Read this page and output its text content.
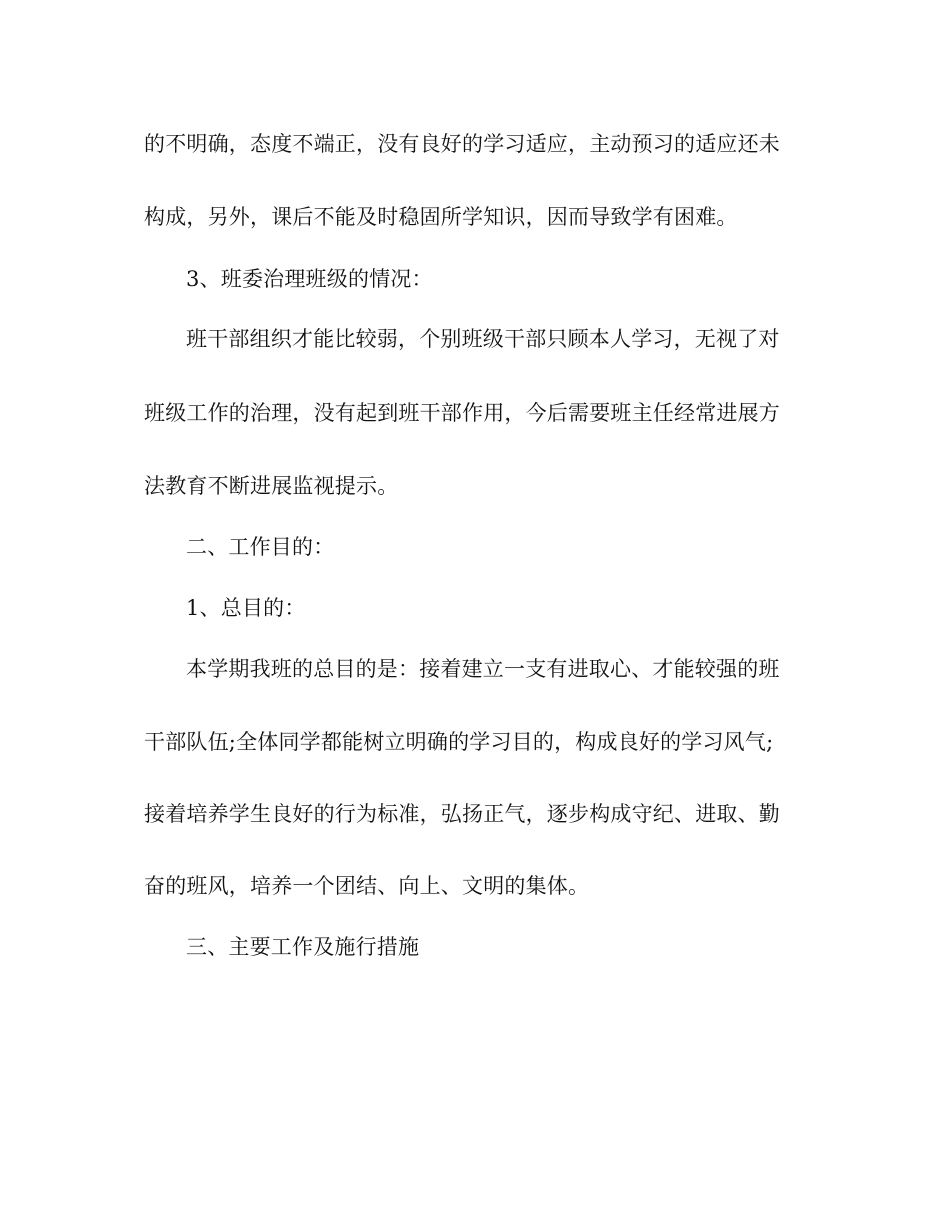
的不明确，态度不端正，没有良好的学习适应，主动预习的适应还未
构成，另外，课后不能及时稳固所学知识，因而导致学有困难。
3、班委治理班级的情况：
班干部组织才能比较弱，个别班级干部只顾本人学习，无视了对
班级工作的治理，没有起到班干部作用，今后需要班主任经常进展方
法教育不断进展监视提示。
二、工作目的：
1、总目的：
本学期我班的总目的是：接着建立一支有进取心、才能较强的班
干部队伍;全体同学都能树立明确的学习目的，构成良好的学习风气;
接着培养学生良好的行为标准，弘扬正气，逐步构成守纪、进取、勤
奋的班风，培养一个团结、向上、文明的集体。
三、主要工作及施行措施
